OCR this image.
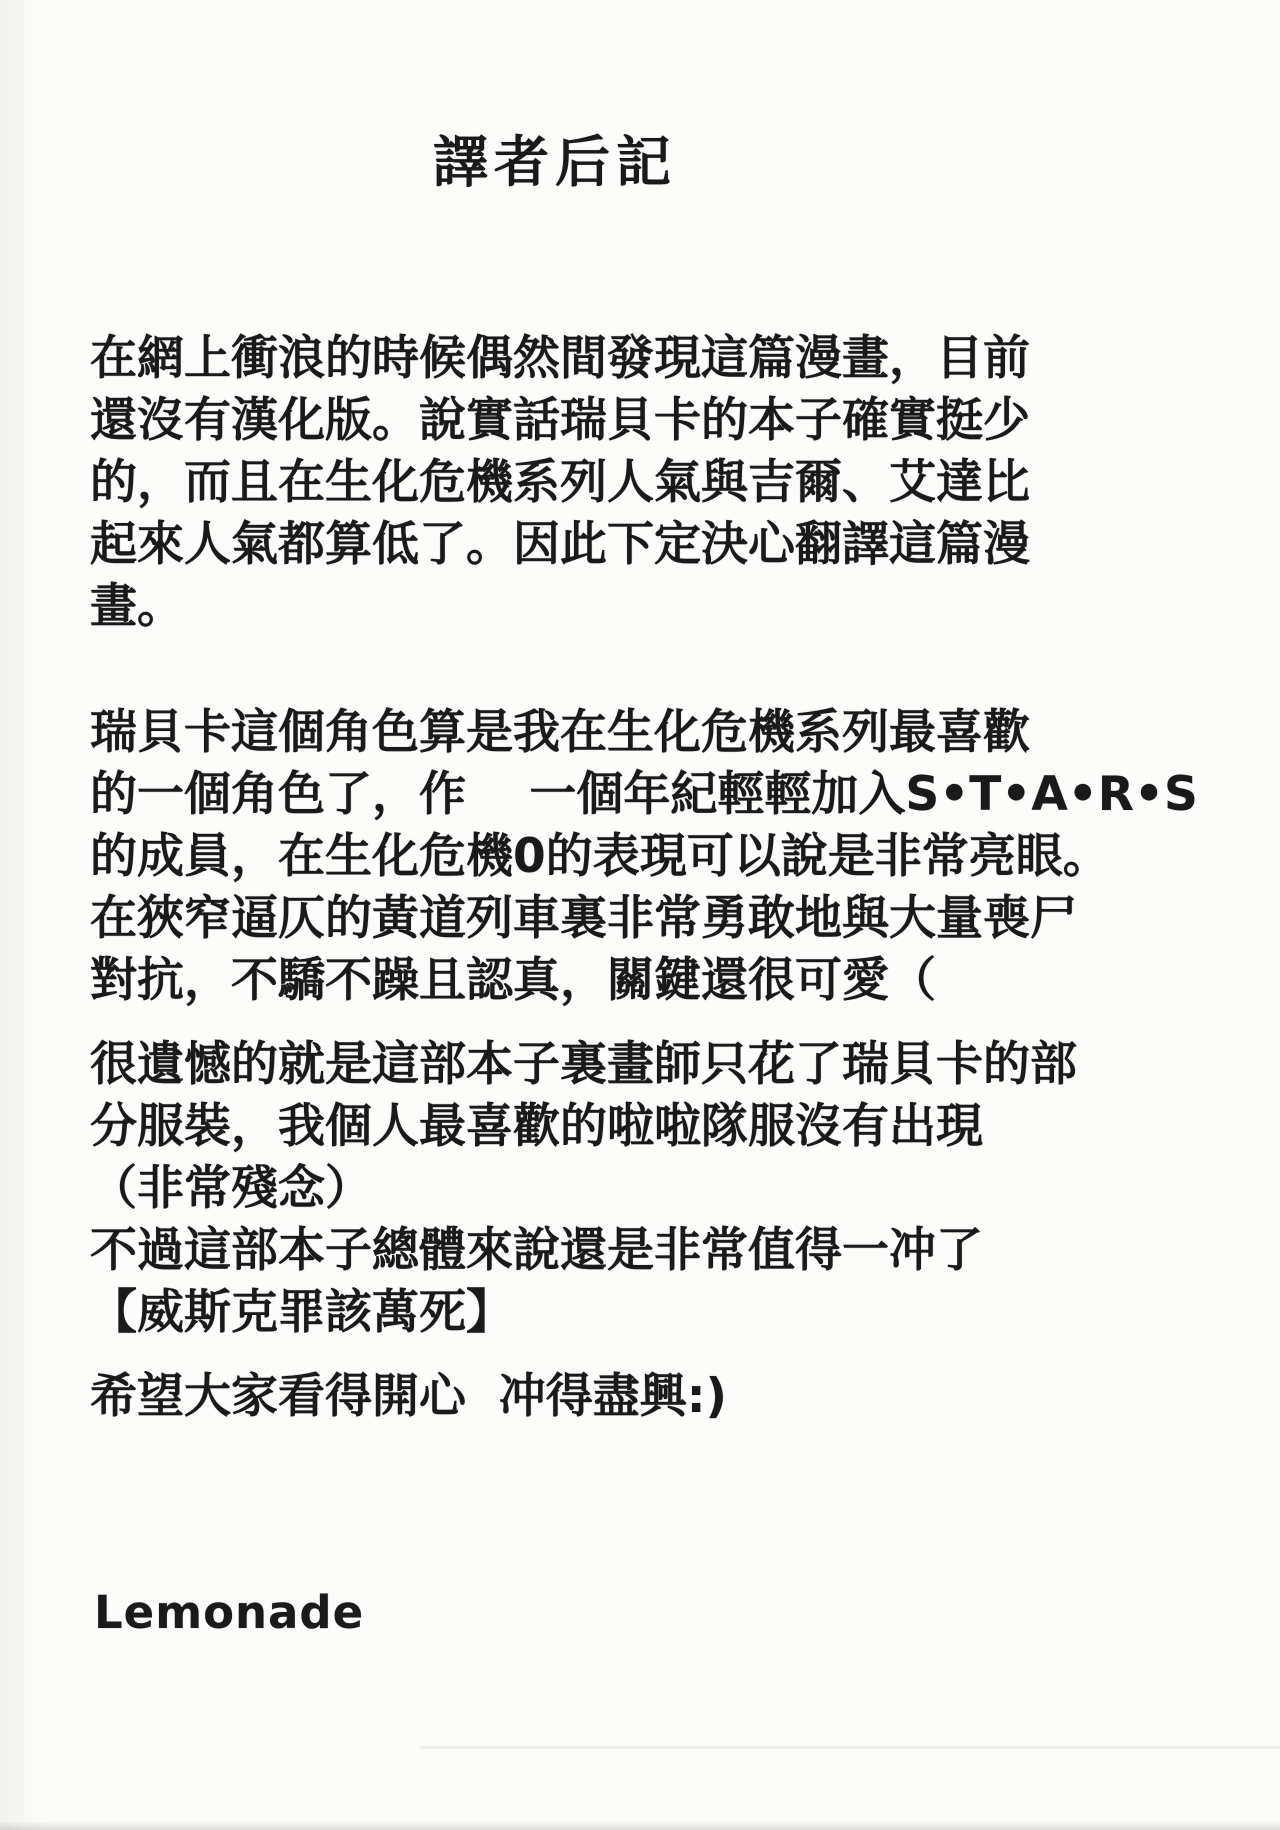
譯者后記
在網上衝浪的時候偶然間發現這篇漫畫，目前
還沒有漢化版。說實話瑞貝卡的本子確實挺少
的，而且在生化危機系列人氣與吉爾、艾達比
起來人氣都算低了。因此下定決心翻譯這篇漫
畫。
瑞貝卡這個角色算是我在生化危機系列最喜歡
的一個角色了，作　 一個年紀輕輕加入S•T•A•R•S
的成員，在生化危機0的表現可以說是非常亮眼。
在狹窄逼仄的黃道列車裏非常勇敢地與大量喪尸
對抗，不驕不躁且認真，關鍵還很可愛（
很遺憾的就是這部本子裏畫師只花了瑞貝卡的部
分服裝，我個人最喜歡的啦啦隊服沒有出現
（非常殘念）
不過這部本子總體來說還是非常值得一冲了
【威斯克罪該萬死】
希望大家看得開心  冲得盡興:)
Lemonade
